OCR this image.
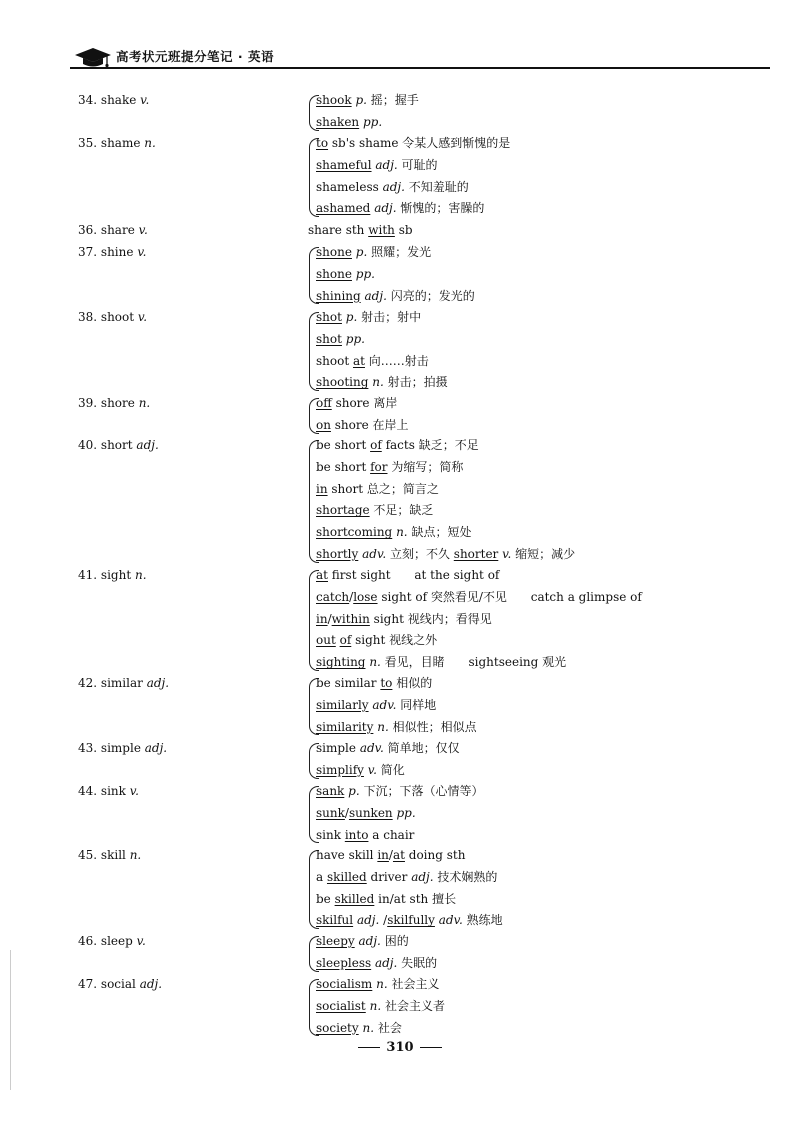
高考状元班提分笔记 · 英语
34. shake v.	shook p. 摇；握手
shaken pp.
35. shame n.	to sb's shame 令某人感到惭愧的是
shameful adj. 可耻的
shameless adj. 不知羞耻的
ashamed adj. 惭愧的；害臊的
36. share v.	share sth with sb
37. shine v.	shone p. 照耀；发光
shone pp.
shining adj. 闪亮的；发光的
38. shoot v.	shot p. 射击；射中
shot pp.
shoot at 向……射击
shooting n. 射击；拍摄
39. shore n.	off shore 离岸
on shore 在岸上
40. short adj.	be short of facts 缺乏；不足
be short for 为缩写；简称
in short 总之；简言之
shortage 不足；缺乏
shortcoming n. 缺点；短处
shortly adv. 立刻；不久 shorter v. 缩短；减少
41. sight n.	at first sight at the sight of
catch/lose sight of 突然看见/不见 catch a glimpse of
in/within sight 视线内；看得见
out of sight 视线之外
sighting n. 看见，目睹 sightseeing 观光
42. similar adj.	be similar to 相似的
similarly adv. 同样地
similarity n. 相似性；相似点
43. simple adj.	simple adv. 简单地；仅仅
simplify v. 简化
44. sink v.	sank p. 下沉；下落（心情等）
sunk/sunken pp.
sink into a chair
45. skill n.	have skill in/at doing sth
a skilled driver adj. 技术娴熟的
be skilled in/at sth 擅长
skilful adj. /skilfully adv. 熟练地
46. sleep v.	sleepy adj. 困的
sleepless adj. 失眠的
47. social adj.	socialism n. 社会主义
socialist n. 社会主义者
society n. 社会
310
